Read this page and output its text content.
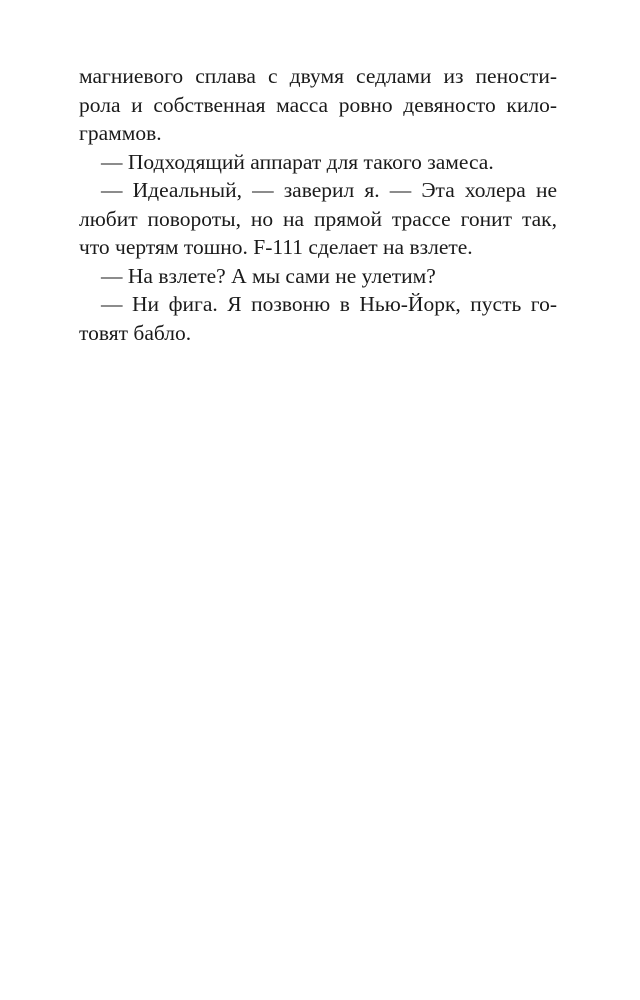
магниевого сплава с двумя седлами из пености-
рола и собственная масса ровно девяносто кило-
граммов.
— Подходящий аппарат для такого замеса.
— Идеальный, — заверил я. — Эта холера не
любит повороты, но на прямой трассе гонит так,
что чертям тошно. F-111 сделает на взлете.
— На взлете? А мы сами не улетим?
— Ни фига. Я позвоню в Нью-Йорк, пусть го-
товят бабло.
